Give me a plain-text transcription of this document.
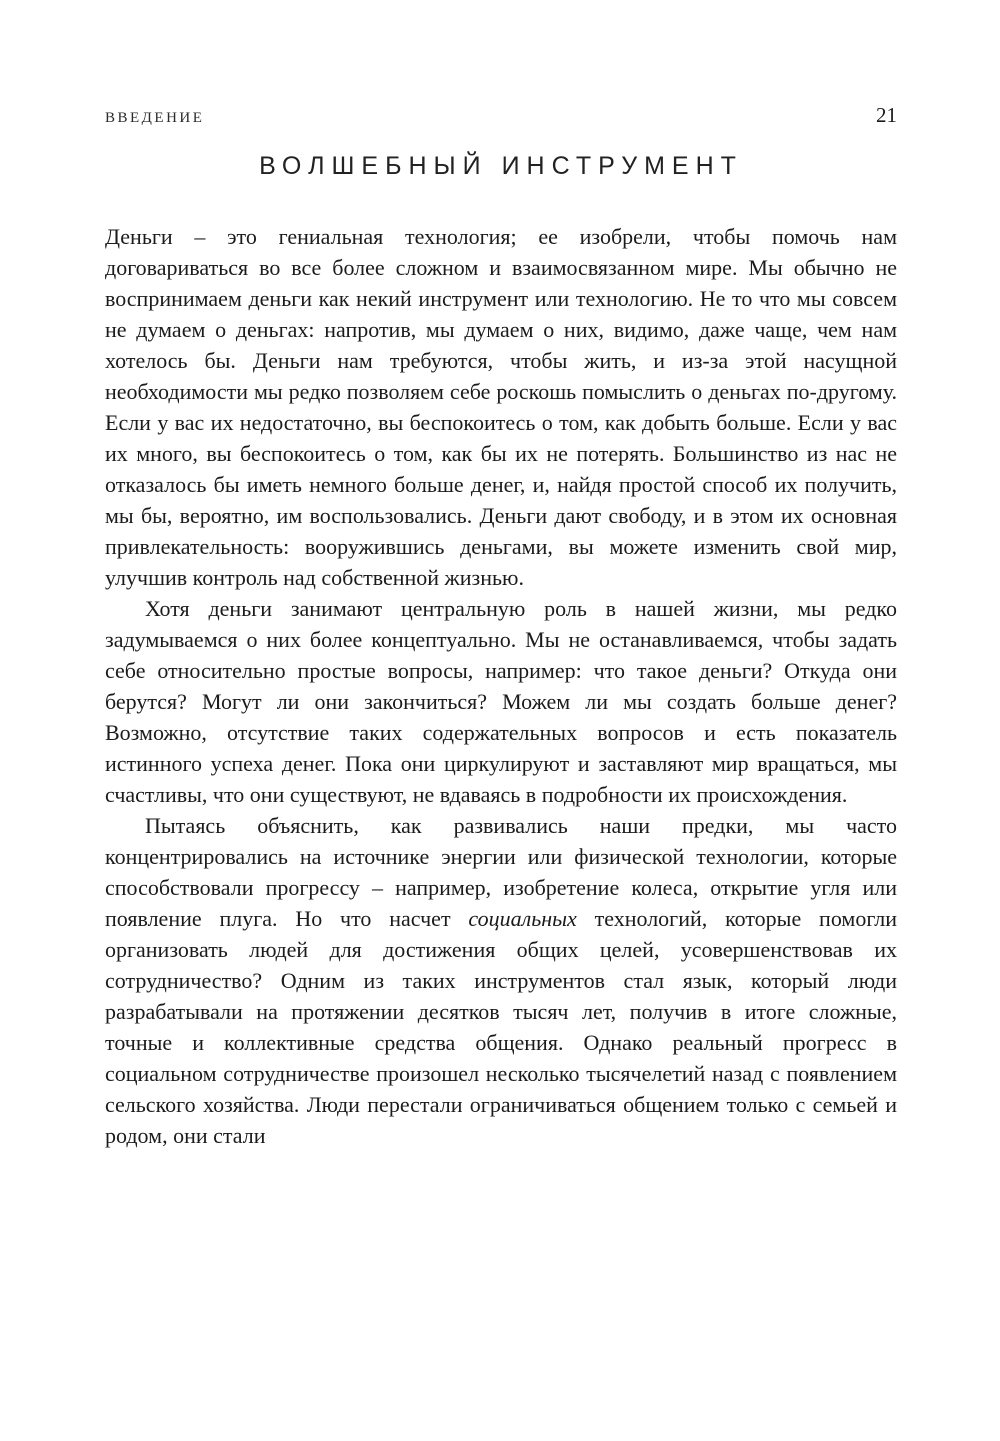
ВВЕДЕНИЕ	21
ВОЛШЕБНЫЙ ИНСТРУМЕНТ

Деньги – это гениальная технология; ее изобрели, чтобы помочь нам договариваться во все более сложном и взаимосвязанном мире. Мы обычно не воспринимаем деньги как некий инструмент или технологию. Не то что мы совсем не думаем о деньгах: напротив, мы думаем о них, видимо, даже чаще, чем нам хотелось бы. Деньги нам требуются, чтобы жить, и из-за этой насущной необходимости мы редко позволяем себе роскошь помыслить о деньгах по-другому. Если у вас их недостаточно, вы беспокоитесь о том, как добыть больше. Если у вас их много, вы беспокоитесь о том, как бы их не потерять. Большинство из нас не отказалось бы иметь немного больше денег, и, найдя простой способ их получить, мы бы, вероятно, им воспользовались. Деньги дают свободу, и в этом их основная привлекательность: вооружившись деньгами, вы можете изменить свой мир, улучшив контроль над собственной жизнью.

Хотя деньги занимают центральную роль в нашей жизни, мы редко задумываемся о них более концептуально. Мы не останавливаемся, чтобы задать себе относительно простые вопросы, например: что такое деньги? Откуда они берутся? Могут ли они закончиться? Можем ли мы создать больше денег? Возможно, отсутствие таких содержательных вопросов и есть показатель истинного успеха денег. Пока они циркулируют и заставляют мир вращаться, мы счастливы, что они существуют, не вдаваясь в подробности их происхождения.

Пытаясь объяснить, как развивались наши предки, мы часто концентрировались на источнике энергии или физической технологии, которые способствовали прогрессу – например, изобретение колеса, открытие угля или появление плуга. Но что насчет социальных технологий, которые помогли организовать людей для достижения общих целей, усовершенствовав их сотрудничество? Одним из таких инструментов стал язык, который люди разрабатывали на протяжении десятков тысяч лет, получив в итоге сложные, точные и коллективные средства общения. Однако реальный прогресс в социальном сотрудничестве произошел несколько тысячелетий назад с появлением сельского хозяйства. Люди перестали ограничиваться общением только с семьей и родом, они стали
